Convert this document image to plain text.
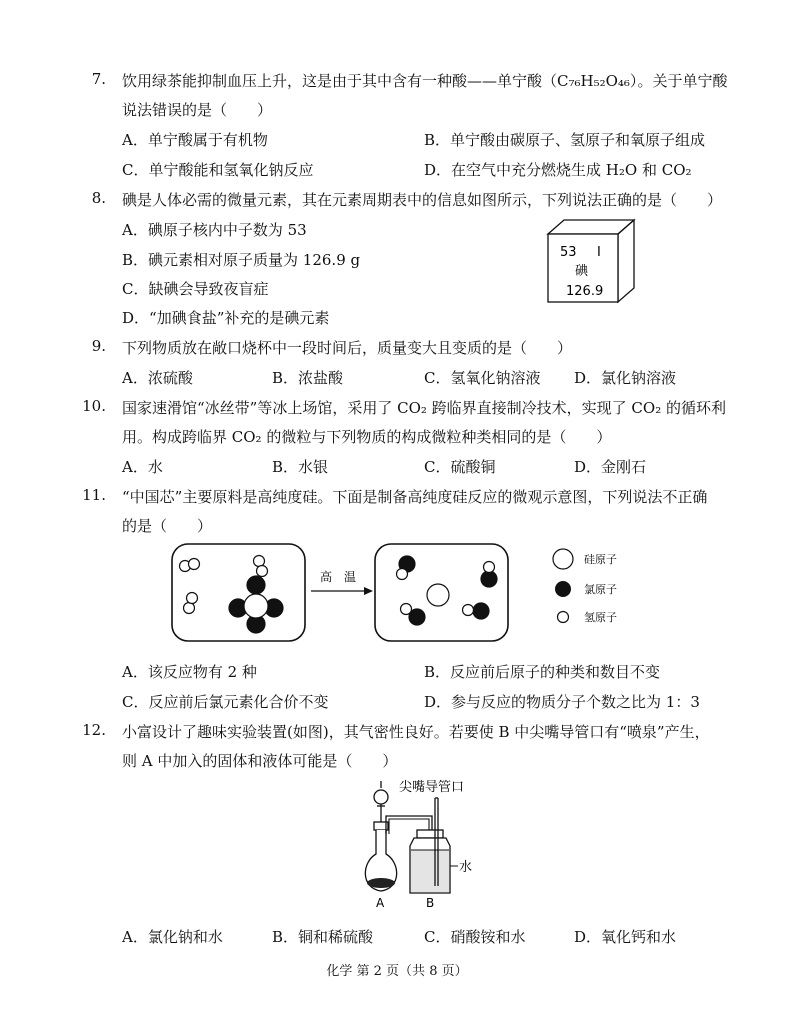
7. 饮用绿茶能抑制血压上升，这是由于其中含有一种酸——单宁酸（C₇₆H₅₂O₄₆）。关于单宁酸
说法错误的是（　　）
A．单宁酸属于有机物	B．单宁酸由碳原子、氢原子和氧原子组成
C．单宁酸能和氢氧化钠反应	D．在空气中充分燃烧生成 H₂O 和 CO₂
8. 碘是人体必需的微量元素，其在元素周期表中的信息如图所示，下列说法正确的是（　　）
A．碘原子核内中子数为 53
B．碘元素相对原子质量为 126.9 g
C．缺碘会导致夜盲症
D．“加碘食盐”补充的是碘元素
53 I
碘
126.9
9. 下列物质放在敞口烧杯中一段时间后，质量变大且变质的是（　　）
A．浓硫酸	B．浓盐酸	C．氢氧化钠溶液 D．氯化钠溶液
10. 国家速滑馆“冰丝带”等冰上场馆，采用了 CO₂ 跨临界直接制冷技术，实现了 CO₂ 的循环利
用。构成跨临界 CO₂ 的微粒与下列物质的构成微粒种类相同的是（　　）
A．水	B．水银	C．硫酸铜	D．金刚石
11. “中国芯”主要原料是高纯度硅。下面是制备高纯度硅反应的微观示意图，下列说法不正确
的是（　　）
高　温
硅原子
氯原子
氢原子
A．该反应物有 2 种	B．反应前后原子的种类和数目不变
C．反应前后氯元素化合价不变	D．参与反应的物质分子个数之比为 1：3
12. 小富设计了趣味实验装置(如图)，其气密性良好。若要使 B 中尖嘴导管口有“喷泉”产生，
则 A 中加入的固体和液体可能是（　　）
尖嘴导管口
水
A	B
A．氯化钠和水	B．铜和稀硫酸	C．硝酸铵和水	D．氧化钙和水
化学 第 2 页（共 8 页）
